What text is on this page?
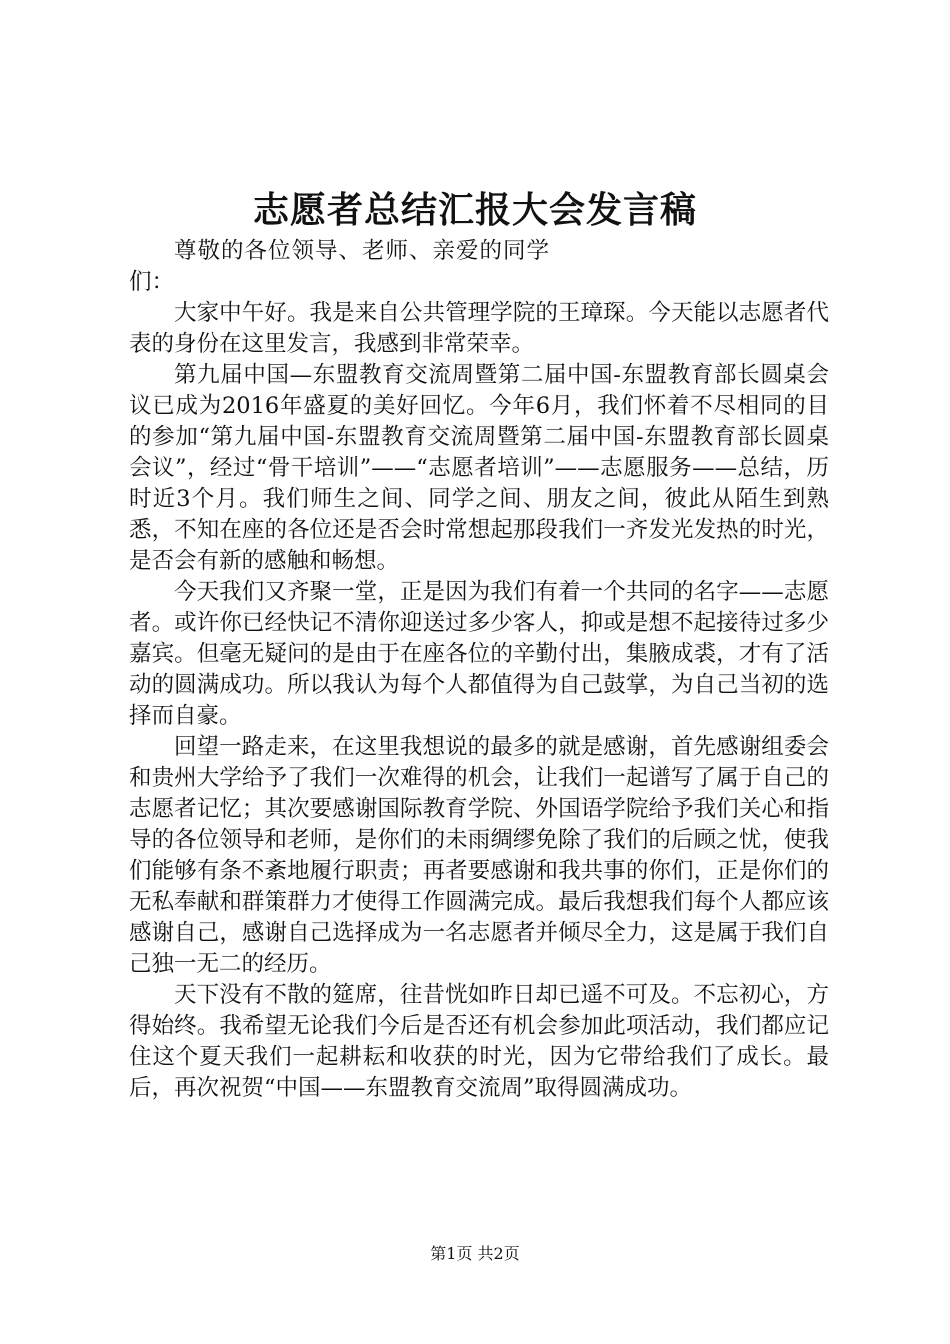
志愿者总结汇报大会发言稿

尊敬的各位领导、老师、亲爱的同学们：

大家中午好。我是来自公共管理学院的王璋琛。今天能以志愿者代表的身份在这里发言，我感到非常荣幸。

第九届中国—东盟教育交流周暨第二届中国-东盟教育部长圆桌会议已成为2016年盛夏的美好回忆。今年6月，我们怀着不尽相同的目的参加“第九届中国-东盟教育交流周暨第二届中国-东盟教育部长圆桌会议”，经过“骨干培训”——“志愿者培训”——志愿服务——总结，历时近3个月。我们师生之间、同学之间、朋友之间，彼此从陌生到熟悉，不知在座的各位还是否会时常想起那段我们一齐发光发热的时光，是否会有新的感触和畅想。

今天我们又齐聚一堂，正是因为我们有着一个共同的名字——志愿者。或许你已经快记不清你迎送过多少客人，抑或是想不起接待过多少嘉宾。但毫无疑问的是由于在座各位的辛勤付出，集腋成裘，才有了活动的圆满成功。所以我认为每个人都值得为自己鼓掌，为自己当初的选择而自豪。

回望一路走来，在这里我想说的最多的就是感谢，首先感谢组委会和贵州大学给予了我们一次难得的机会，让我们一起谱写了属于自己的志愿者记忆；其次要感谢国际教育学院、外国语学院给予我们关心和指导的各位领导和老师，是你们的未雨绸缪免除了我们的后顾之忧，使我们能够有条不紊地履行职责；再者要感谢和我共事的你们，正是你们的无私奉献和群策群力才使得工作圆满完成。最后我想我们每个人都应该感谢自己，感谢自己选择成为一名志愿者并倾尽全力，这是属于我们自己独一无二的经历。

天下没有不散的筵席，往昔恍如昨日却已遥不可及。不忘初心，方得始终。我希望无论我们今后是否还有机会参加此项活动，我们都应记住这个夏天我们一起耕耘和收获的时光，因为它带给我们了成长。最后，再次祝贺“中国——东盟教育交流周”取得圆满成功。

第1页 共2页
